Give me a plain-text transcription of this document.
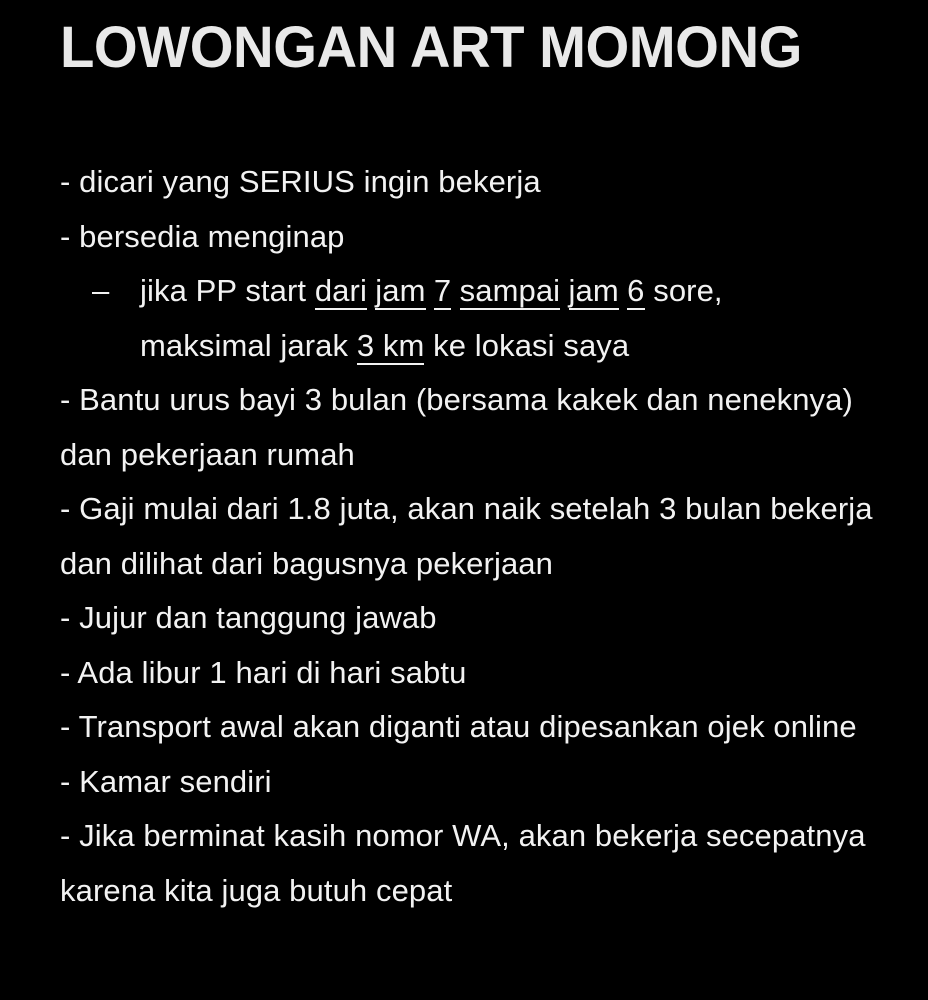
LOWONGAN ART MOMONG
- dicari yang SERIUS ingin bekerja
- bersedia menginap
– jika PP start dari jam 7 sampai jam 6 sore,
maksimal jarak 3 km ke lokasi saya
- Bantu urus bayi 3 bulan (bersama kakek dan neneknya) dan pekerjaan rumah
- Gaji mulai dari 1.8 juta, akan naik setelah 3 bulan bekerja dan dilihat dari bagusnya pekerjaan
- Jujur dan tanggung jawab
- Ada libur 1 hari di hari sabtu
- Transport awal akan diganti atau dipesankan ojek online
- Kamar sendiri
- Jika berminat kasih nomor WA, akan bekerja secepatnya karena kita juga butuh cepat
